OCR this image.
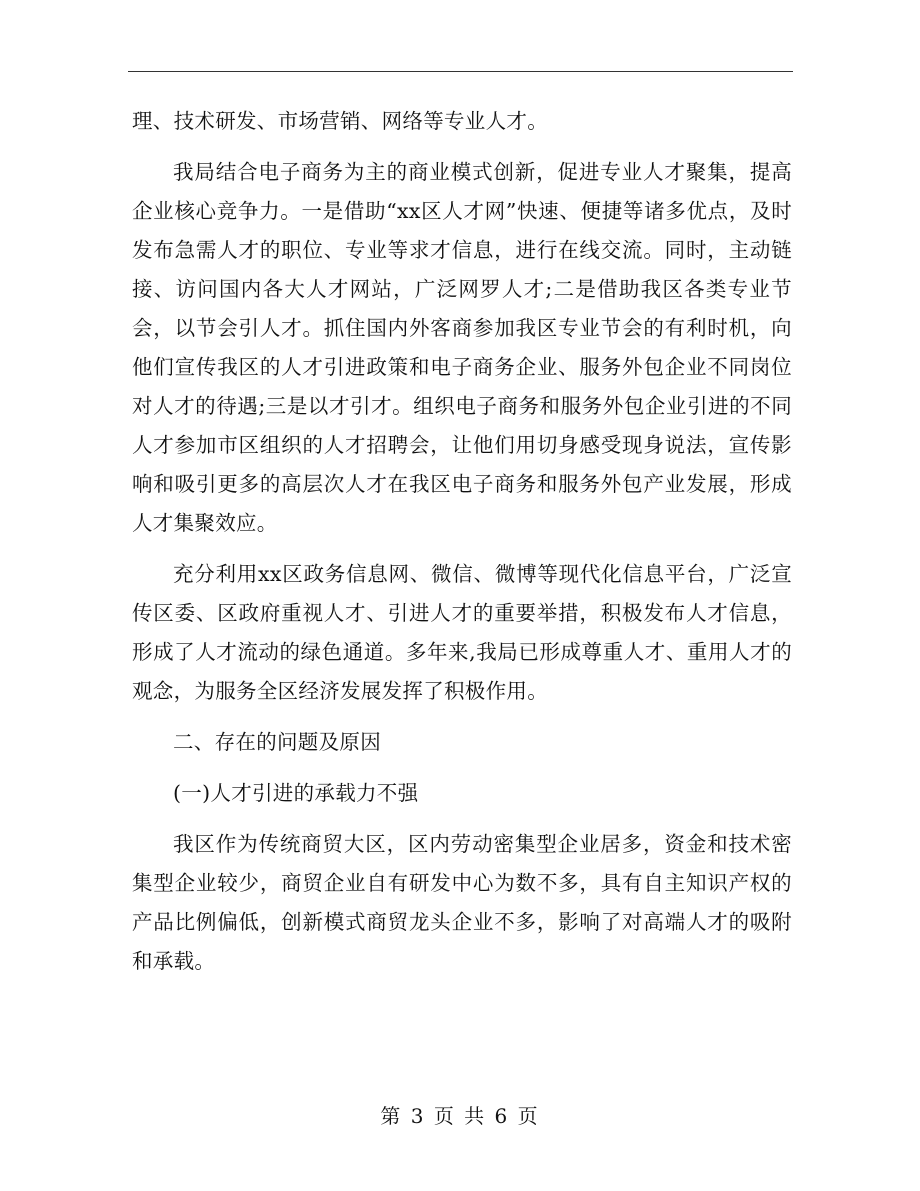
理、技术研发、市场营销、网络等专业人才。

我局结合电子商务为主的商业模式创新，促进专业人才聚集，提高企业核心竞争力。一是借助“xx区人才网”快速、便捷等诸多优点，及时发布急需人才的职位、专业等求才信息，进行在线交流。同时，主动链接、访问国内各大人才网站，广泛网罗人才;二是借助我区各类专业节会，以节会引人才。抓住国内外客商参加我区专业节会的有利时机，向他们宣传我区的人才引进政策和电子商务企业、服务外包企业不同岗位对人才的待遇;三是以才引才。组织电子商务和服务外包企业引进的不同人才参加市区组织的人才招聘会，让他们用切身感受现身说法，宣传影响和吸引更多的高层次人才在我区电子商务和服务外包产业发展，形成人才集聚效应。

充分利用xx区政务信息网、微信、微博等现代化信息平台，广泛宣传区委、区政府重视人才、引进人才的重要举措，积极发布人才信息，形成了人才流动的绿色通道。多年来,我局已形成尊重人才、重用人才的观念，为服务全区经济发展发挥了积极作用。

二、存在的问题及原因

(一)人才引进的承载力不强

我区作为传统商贸大区，区内劳动密集型企业居多，资金和技术密集型企业较少，商贸企业自有研发中心为数不多，具有自主知识产权的产品比例偏低，创新模式商贸龙头企业不多，影响了对高端人才的吸附和承载。

第 3 页 共 6 页
